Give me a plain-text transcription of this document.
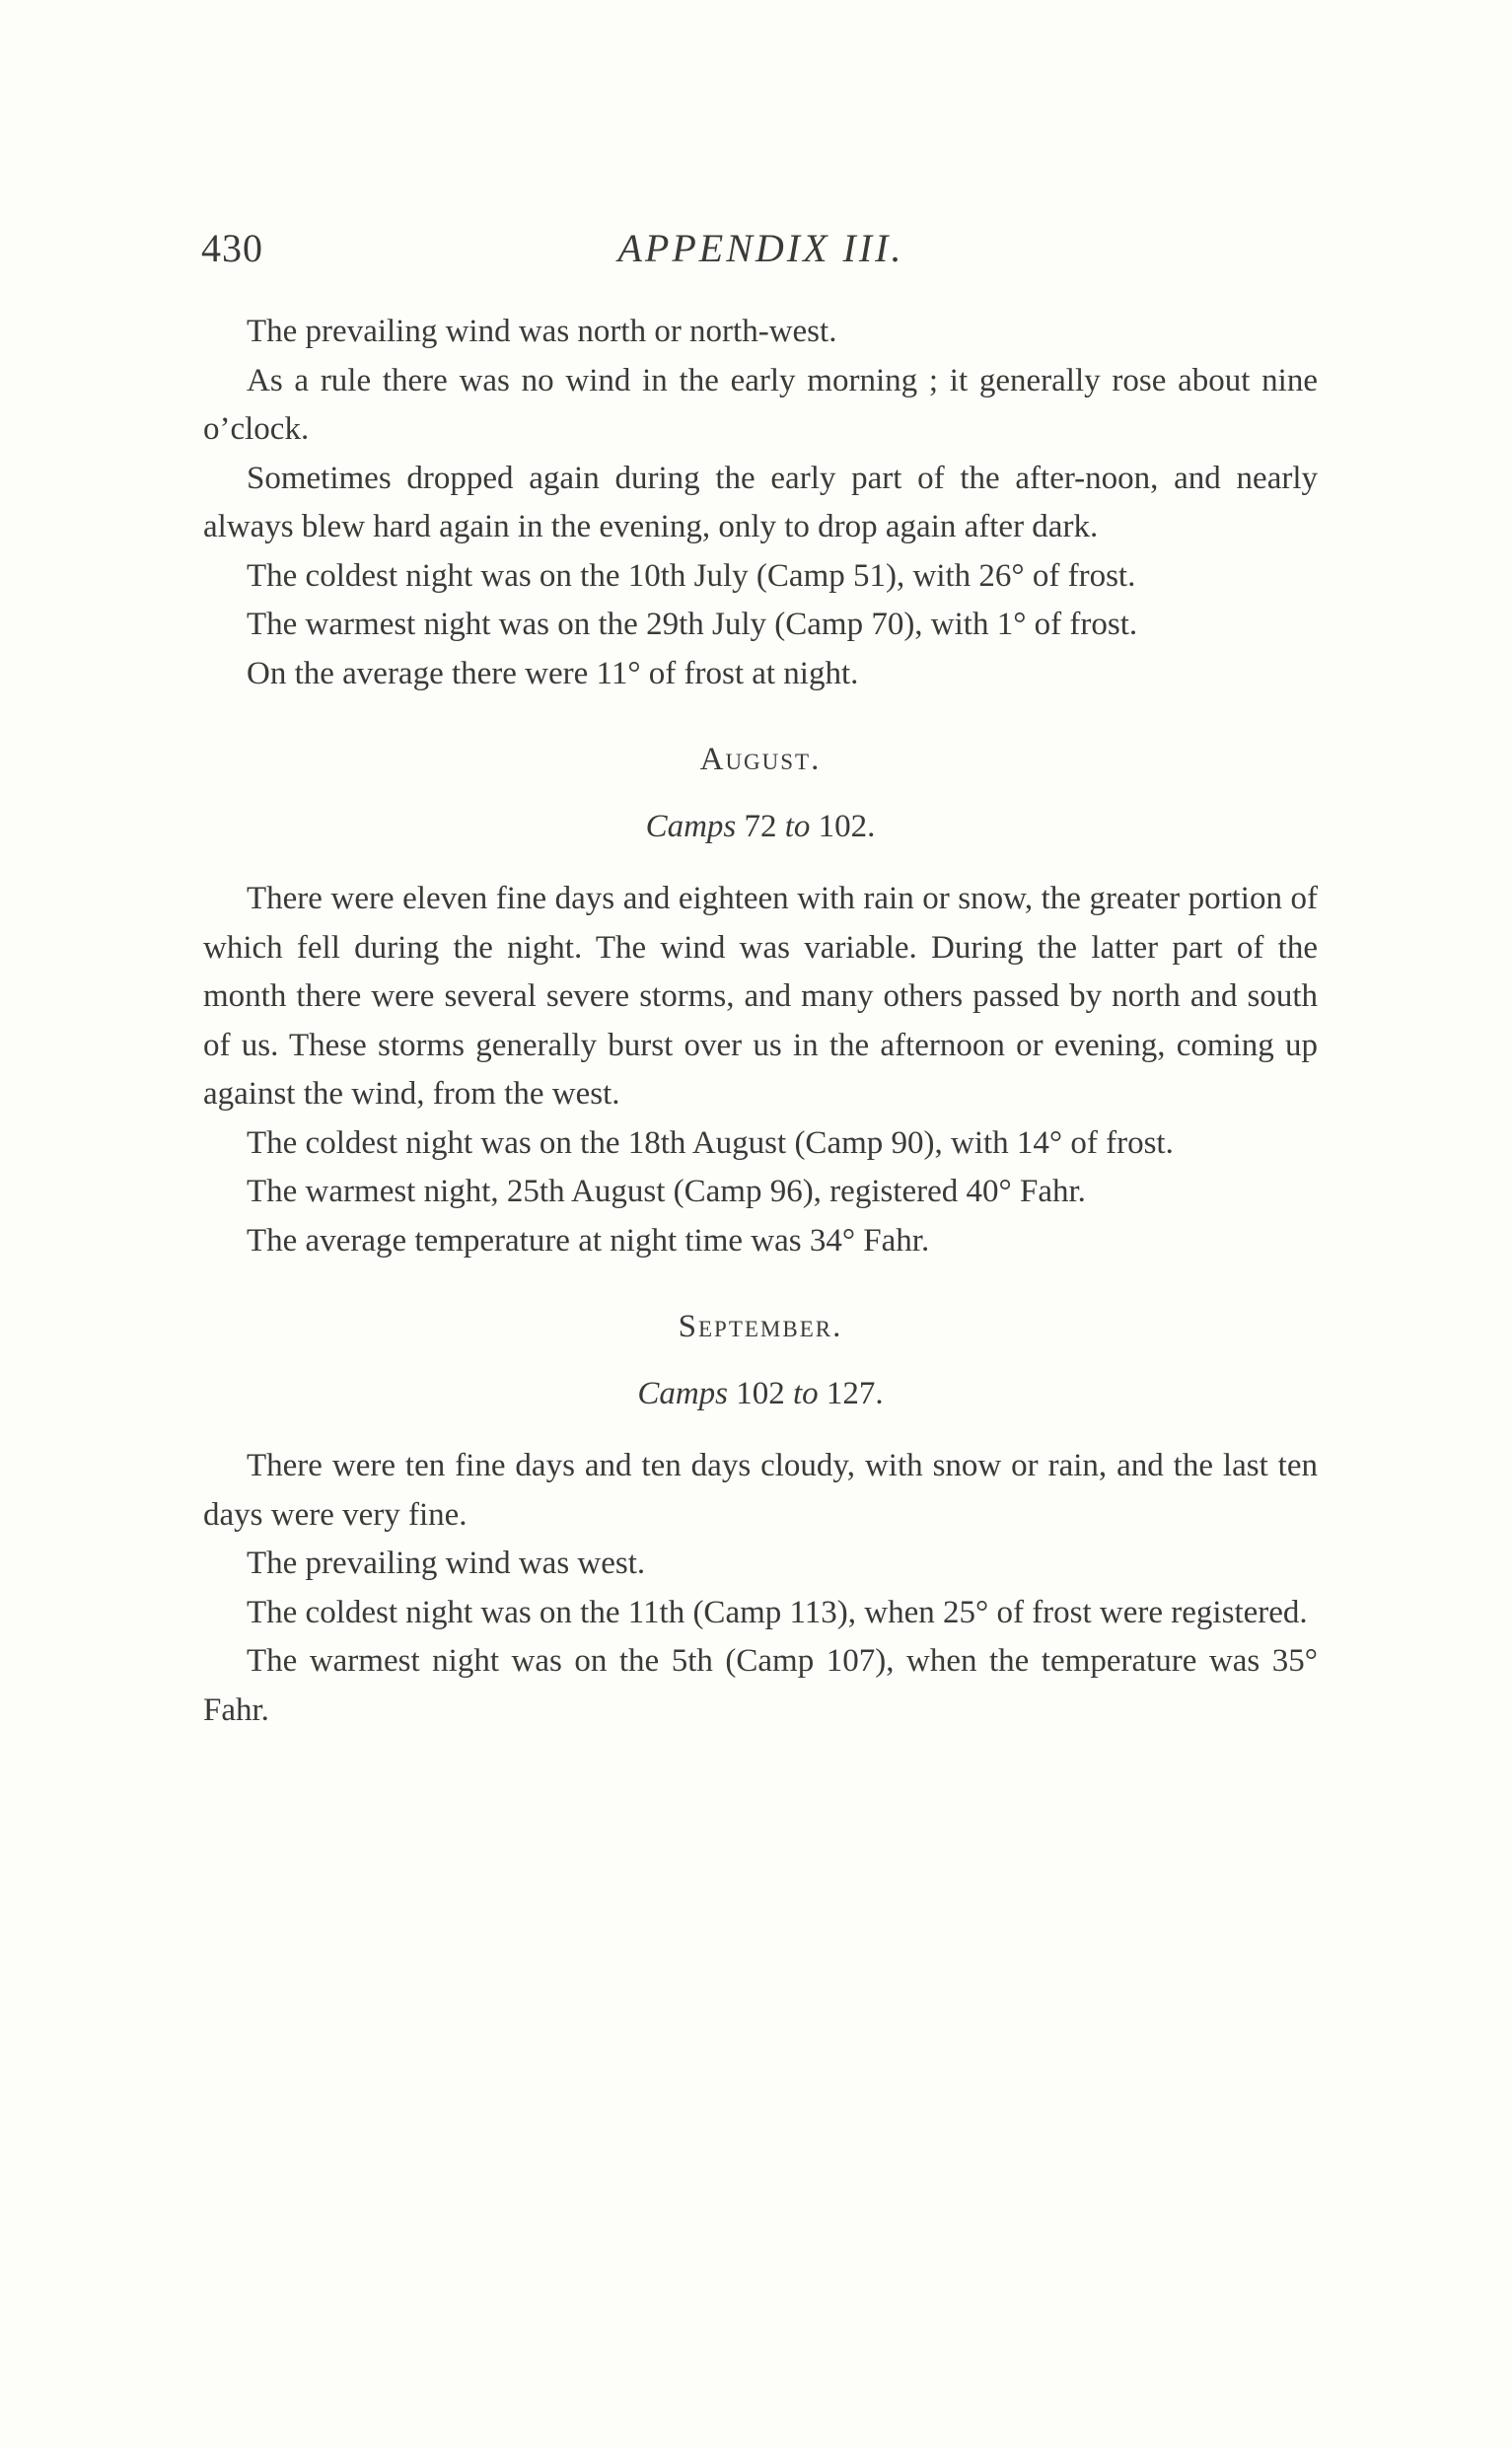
430	APPENDIX III.

The prevailing wind was north or north-west.

As a rule there was no wind in the early morning ; it generally rose about nine o’clock.

Sometimes dropped again during the early part of the after-noon, and nearly always blew hard again in the evening, only to drop again after dark.

The coldest night was on the 10th July (Camp 51), with 26° of frost.

The warmest night was on the 29th July (Camp 70), with 1° of frost.

On the average there were 11° of frost at night.

August.

Camps 72 to 102.

There were eleven fine days and eighteen with rain or snow, the greater portion of which fell during the night. The wind was variable. During the latter part of the month there were several severe storms, and many others passed by north and south of us. These storms generally burst over us in the afternoon or evening, coming up against the wind, from the west.

The coldest night was on the 18th August (Camp 90), with 14° of frost.

The warmest night, 25th August (Camp 96), registered 40° Fahr.

The average temperature at night time was 34° Fahr.

September.

Camps 102 to 127.

There were ten fine days and ten days cloudy, with snow or rain, and the last ten days were very fine.

The prevailing wind was west.

The coldest night was on the 11th (Camp 113), when 25° of frost were registered.

The warmest night was on the 5th (Camp 107), when the temperature was 35° Fahr.
